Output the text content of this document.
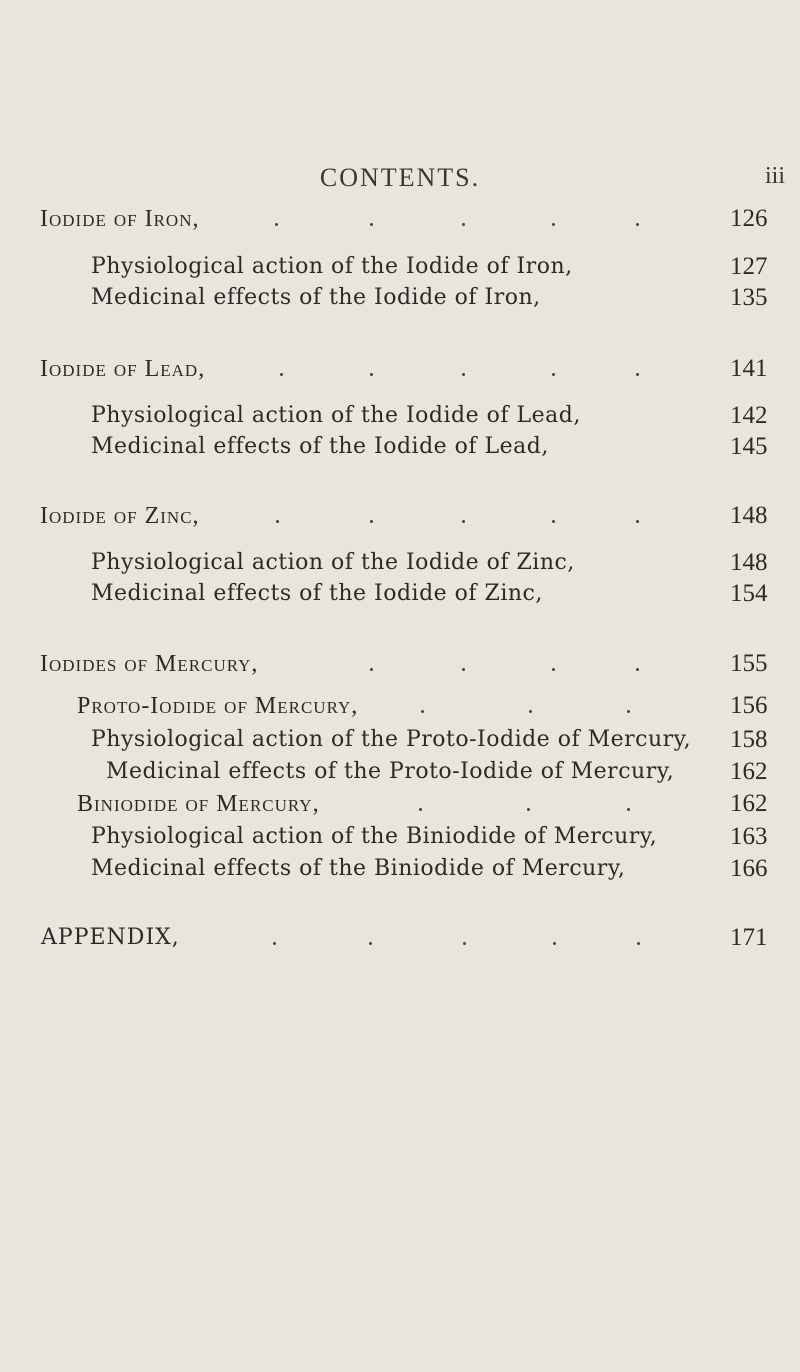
CONTENTS.	iii
Iodide of Iron,	126
Physiological action of the Iodide of Iron,	127
Medicinal effects of the Iodide of Iron,	135
Iodide of Lead,	141
Physiological action of the Iodide of Lead,	142
Medicinal effects of the Iodide of Lead,	145
Iodide of Zinc,	148
Physiological action of the Iodide of Zinc,	148
Medicinal effects of the Iodide of Zinc,	154
Iodides of Mercury,	155
Proto-Iodide of Mercury,	156
Physiological action of the Proto-Iodide of Mercury, 158
Medicinal effects of the Proto-Iodide of Mercury, 162
Biniodide of Mercury,	162
Physiological action of the Biniodide of Mercury,	163
Medicinal effects of the Biniodide of Mercury,	166
APPENDIX,	171
